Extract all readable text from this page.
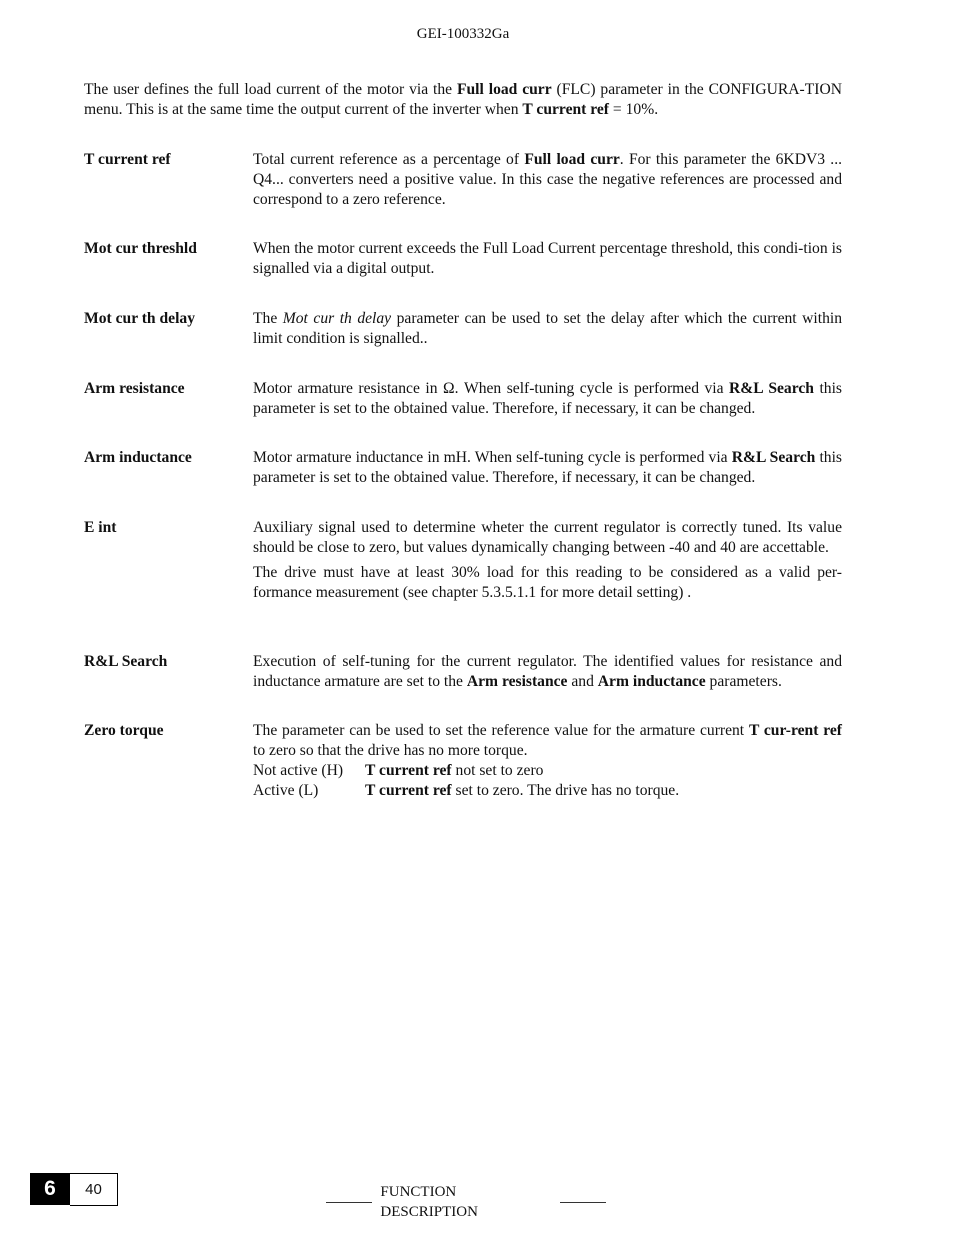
GEI-100332Ga
The user defines the full load current of the motor via the Full load curr (FLC) parameter in the CONFIGURA-TION menu. This is at the same time the output current of the inverter when T current ref = 10%.
T current ref	Total current reference as a percentage of Full load curr. For this parameter the 6KDV3 ... Q4... converters need a positive value. In this case the negative references are processed and correspond to a zero reference.
Mot cur threshld	When the motor current exceeds the Full Load Current percentage threshold, this condi-tion is signalled via a digital output.
Mot cur th delay	The Mot cur th delay parameter can be used to set the delay after which the current within limit condition is signalled..
Arm resistance	Motor armature resistance in Ω. When self-tuning cycle is performed via R&L Search this parameter is set to the obtained value. Therefore, if necessary, it can be changed.
Arm inductance	Motor armature inductance in mH. When self-tuning cycle is performed via R&L Search this parameter is set to the obtained value. Therefore, if necessary, it can be changed.
E int	Auxiliary signal used to determine wheter the current regulator is correctly tuned. Its value should be close to zero, but values dynamically changing between -40 and 40 are accettable.

The drive must have at least 30% load for this reading to be considered as a valid per-formance measurement (see chapter 5.3.5.1.1 for more detail setting) .

R&L Search	Execution of self-tuning for the current regulator. The identified values for resistance and inductance armature are set to the Arm resistance and Arm inductance parameters.
Zero torque	The parameter can be used to set the reference value for the armature current T cur-rent ref to zero so that the drive has no more torque.

Not active (H) T current ref not set to zero
Active (L)	T current ref set to zero. The drive has no torque.
6	40	FUNCTION DESCRIPTION
